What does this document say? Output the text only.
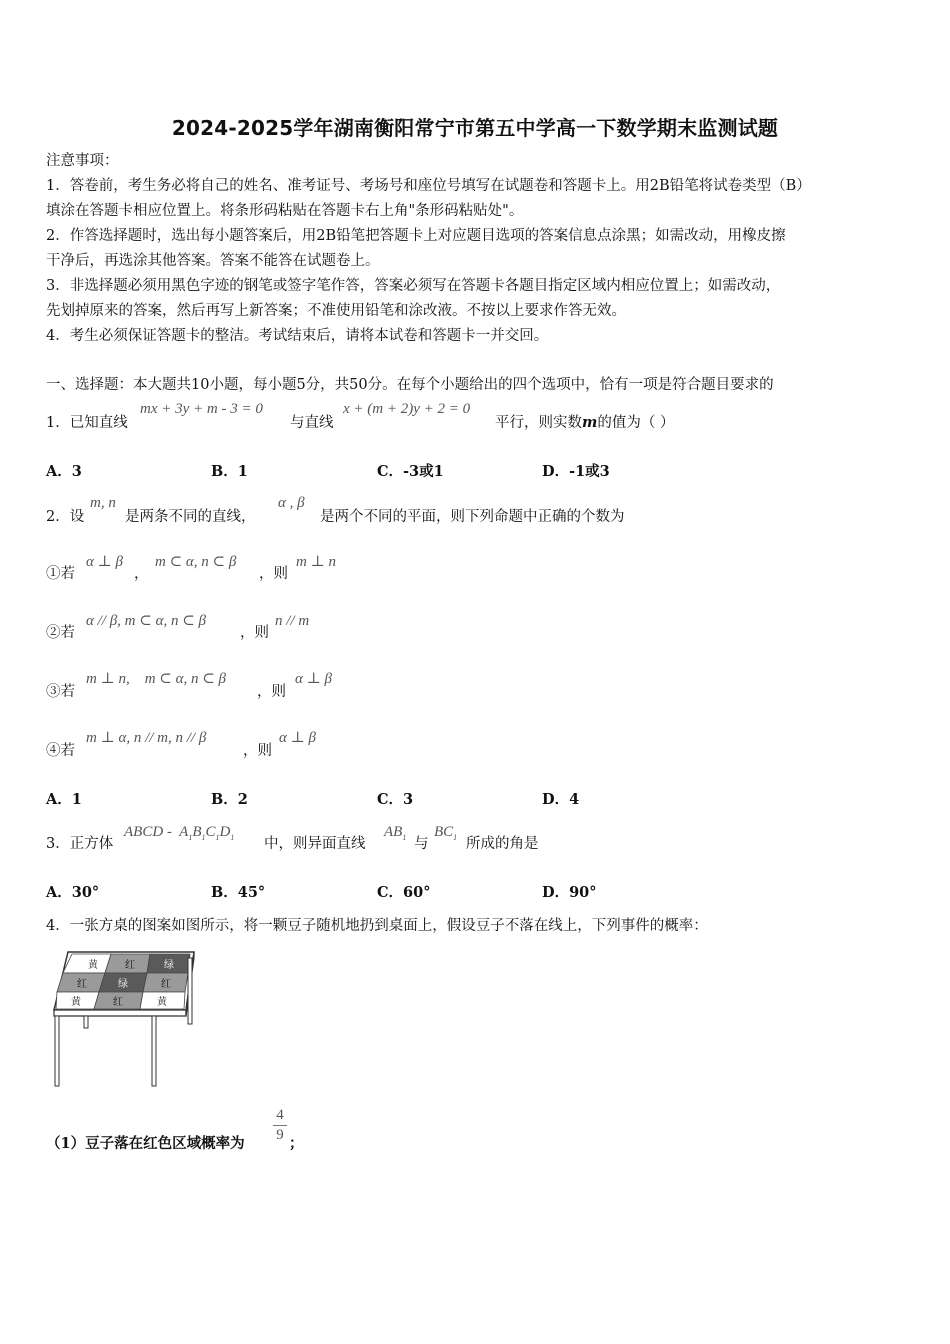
2024-2025学年湖南衡阳常宁市第五中学高一下数学期末监测试题
注意事项：
1．答卷前，考生务必将自己的姓名、准考证号、考场号和座位号填写在试题卷和答题卡上。用2B铅笔将试卷类型（B）
填涂在答题卡相应位置上。将条形码粘贴在答题卡右上角"条形码粘贴处"。
2．作答选择题时，选出每小题答案后，用2B铅笔把答题卡上对应题目选项的答案信息点涂黑；如需改动，用橡皮擦
干净后，再选涂其他答案。答案不能答在试题卷上。
3．非选择题必须用黑色字迹的钢笔或签字笔作答，答案必须写在答题卡各题目指定区域内相应位置上；如需改动，
先划掉原来的答案，然后再写上新答案；不准使用铅笔和涂改液。不按以上要求作答无效。
4．考生必须保证答题卡的整洁。考试结束后，请将本试卷和答题卡一并交回。
一、选择题：本大题共10小题，每小题5分，共50分。在每个小题给出的四个选项中，恰有一项是符合题目要求的
1．已知直线
mx + 3y + m - 3 = 0
与直线
x + (m + 2)y + 2 = 0
平行，则实数m的值为（ ）
A．3	B．1	C．-3或1	D．-1或3
2．设
m, n
是两条不同的直线，
α , β
是两个不同的平面，则下列命题中正确的个数为
①若
α ⊥ β
，
m ⊂ α, n ⊂ β
，则
m ⊥ n
②若
α // β, m ⊂ α, n ⊂ β
，则
n // m
③若
m ⊥ n,    m ⊂ α, n ⊂ β
，则
α ⊥ β
④若
m ⊥ α, n // m, n // β
，则
α ⊥ β
A．1	B．2	C．3	D．4
3．正方体
ABCD -  $A_1B_1C_1D_1$ 中，则异面直线
$AB_1$ 与
$BC_1$ 所成的角是
A．30°	B．45°	C．60°	D．90°
4．一张方桌的图案如图所示，将一颗豆子随机地扔到桌面上，假设豆子不落在线上，下列事件的概率：
黄	红	绿
红	绿	红
黄	红	黄
（1）豆子落在红色区域概率为
4
9 ；
